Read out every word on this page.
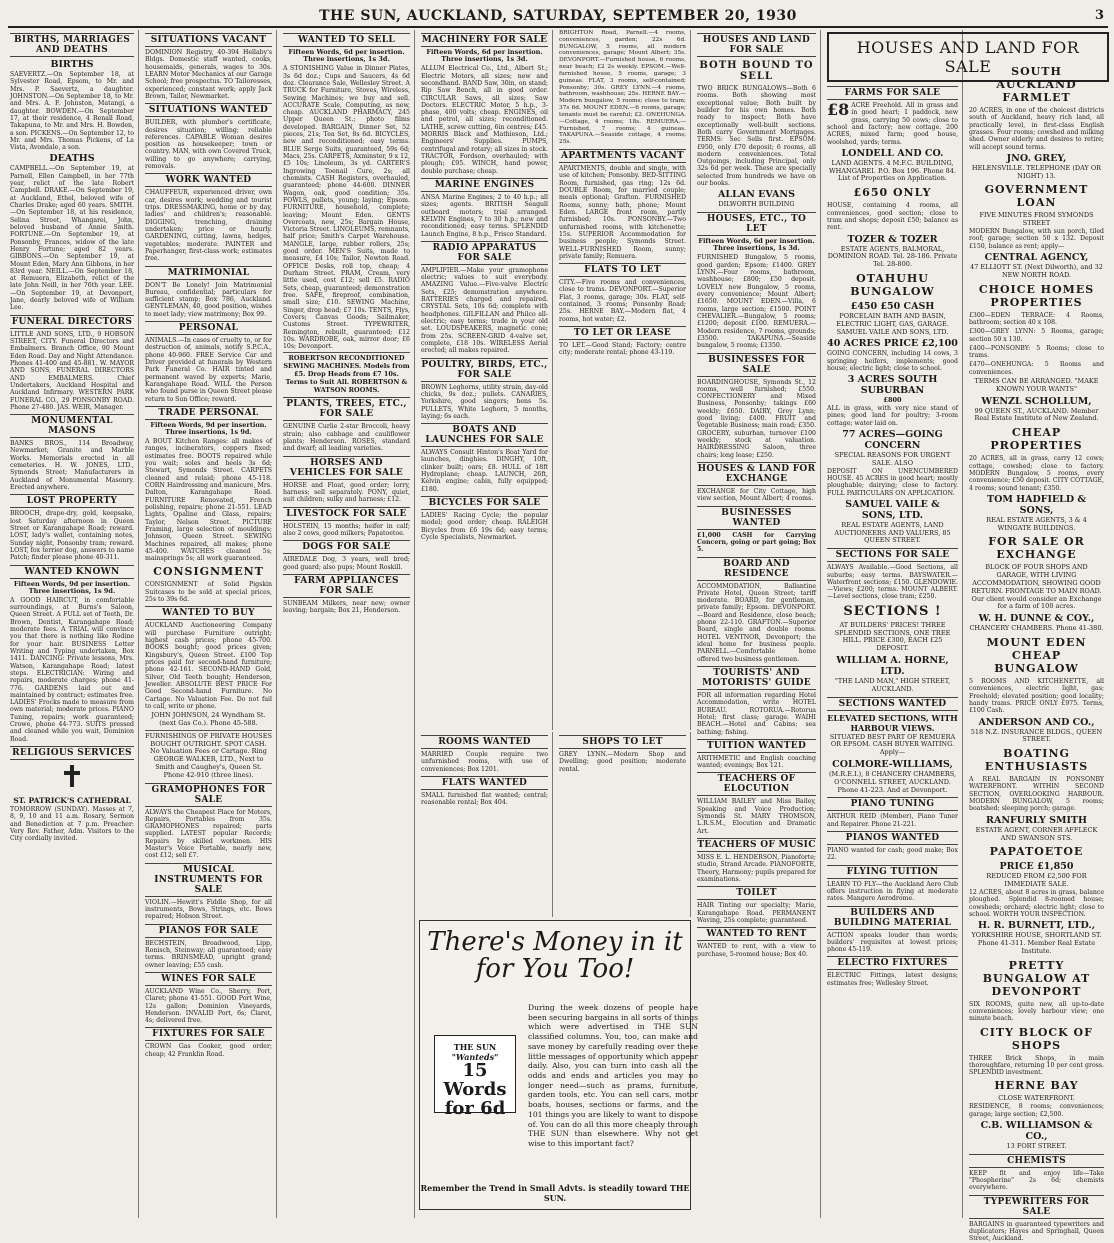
THE SUN, AUCKLAND, SATURDAY, SEPTEMBER 20, 1930	3
BIRTHS, MARRIAGES AND DEATHS
BIRTHS
SAEVERTZ.—On September 18, at Sylvester Road, Epsom, to Mr. and Mrs. P. Saevertz, a daughter. JOHNSTON.—On September 18, to Mr. and Mrs. A. F. Johnston, Matangi, a daughter. BOWDEN.—On September 17, at their residence, 4 Renall Road, Takapuna, to Mr. and Mrs. H. Bowden, a son. PICKENS.—On September 12, to Mr. and Mrs. Thomas Pickens, of La Vista, Avondale, a son.
DEATHS
CAMPBELL.—On September 19, at Parnell, Ellen Campbell, in her 77th year, relict of the late Robert Campbell. DRAKE.—On September 19, at Auckland, Ethel, beloved wife of Charles Drake; aged 60 years. SMITH.—On September 18, at his residence, Selina Street, Whangarei, John, beloved husband of Annie Smith. FORTUNE.—On September 19, at Ponsonby, Frances, widow of the late Henry Fortune; aged 82 years. GIBBONS.—On September 19, at Mount Eden, Mary Ann Gibbons, in her 83rd year. NEILL.—On September 18, at Remuera, Elizabeth, relict of the late John Neill, in her 76th year. LEE.—On September 19, at Devonport, Jane, dearly beloved wife of William Lee.
FUNERAL DIRECTORS
LITTLE AND SONS, LTD., 9 HOBSON STREET, CITY. Funeral Directors and Embalmers. Branch Office, 90 Mount Eden Road. Day and Night Attendance. Phones 41-400 and 45-881. W. MAYOR AND SONS, FUNERAL DIRECTORS AND EMBALMERS. Chief Undertakers, Auckland Hospital and Auckland Infirmary. WESTERN PARK FUNERAL CO., 29 PONSONBY ROAD. Phone 27-480. JAS. WEIR, Manager.
MONUMENTAL MASONS
BANKS BROS., 114 Broadway, Newmarket; Granite and Marble Works. Memorials erected in all cemeteries. H. W. JONES, LTD., Symonds Street; Manufacturers in Auckland of Monumental Masonry. Erected anywhere.
LOST PROPERTY
BROOCH, drape-dry, gold, keepsake, lost Saturday afternoon in Queen Street or Karangahape Road; reward. LOST, lady's wallet, containing notes, Sunday night, Ponsonby tram; reward. LOST, fox terrier dog, answers to name Patch; finder please phone 40-311.
WANTED KNOWN
Fifteen Words, 9d per insertion. Three insertions, 1s 9d.
A GOOD HAIRCUT, in comfortable surroundings, at Burns's Saloon, Queen Street. A FULL set of Teeth, Dr. Brown, Dentist, Karangahape Road; moderate fees. A TRIAL will convince you that there is nothing like Rodine for your hair. BUSINESS Letter Writing and Typing undertaken, Box 1411. DANCING: Private lessons, Mrs. Watson, Karangahape Road; latest steps. ELECTRICIAN: Wiring and repairs, moderate charges; phone 41-776. GARDENS laid out and maintained by contract; estimates free. LADIES' Frocks made to measure from own material; moderate prices. PIANO Tuning, repairs; work guaranteed; Crowe, phone 44-773. SUITS pressed and cleaned while you wait, Dominion Road.
RELIGIOUS SERVICES
ST. PATRICK'S CATHEDRAL
TOMORROW (SUNDAY). Masses at 7, 8, 9, 10 and 11 a.m. Rosary, Sermon and Benediction at 7 p.m. Preacher: Very Rev. Father, Adm. Visitors to the City cordially invited.
SITUATIONS VACANT
DOMINION Registry, 40-394 Hellaby's Bldgs. Domestic staff wanted, cooks, housemaids, generals, wages to 30s. LEARN Motor Mechanics at our Garage School; free prospectus. TO Tailoresses, experienced; constant work; apply Jack Brown, Tailor, Newmarket.
SITUATIONS WANTED
BUILDER, with plumber's certificate, desires situation; willing; reliable references. CAPABLE Woman desires position as housekeeper; town or country. MAN, with own Covered Truck, willing to go anywhere; carrying, removals.
WORK WANTED
CHAUFFEUR, experienced driver, own car, desires work; wedding and tourist trips. DRESSMAKING, home or by day, ladies' and children's; reasonable. DIGGING, trenching, draining undertaken; price or hourly. GARDENING, cutting, lawns, hedges, vegetables; moderate. PAINTER and Paperhanger, first-class work; estimates free.
MATRIMONIAL
DON'T Be Lonely! Join Matrimonial Bureau, confidential; particulars for sufficient stamp; Box 786, Auckland. GENTLEMAN, 40, good position, wishes to meet lady; view matrimony; Box 99.
PERSONAL
ANIMALS.—In cases of cruelty to, or for destruction of, animals, notify S.P.C.A., phone 40-960. FREE Service Car and Driver provided at funerals by Western Park Funeral Co. HAIR tinted and permanent waved by experts; Marie, Karangahape Road. WILL the Person who found purse in Queen Street please return to Sun Office; reward.
TRADE PERSONAL
Fifteen Words, 9d per insertion. Three insertions, 1s 9d.
A BOUT Kitchen Ranges: all makes of ranges, incinerators, coppers fixed; estimates free. BOOTS repaired while you wait; soles and heels 3s 6d; Stewart, Symonds Street. CARPETS cleaned and relaid; phone 45-118. CORN Hairdressing and manicure, Mrs. Dalton, Karangahape Road. FURNITURE Renovated, French polishing, repairs; phone 21-551. LEAD Lights, Opaline and Glass, repairs; Taylor, Nelson Street. PICTURE Framing, large selection of mouldings; Johnson, Queen Street. SEWING Machines repaired, all makes; phone 45-400. WATCHES cleaned 5s; mainsprings 5s; all work guaranteed.
CONSIGNMENT
CONSIGNMENT of Solid Pigskin Suitcases to be sold at special prices, 25s to 39s 6d.
WANTED TO BUY
AUCKLAND Auctioneering Company will purchase Furniture outright; highest cash prices; phone 45-700. BOOKS bought; good prices given; Kingsbury's, Queen Street. £100 Top prices paid for second-hand furniture; phone 42-161. SECOND-HAND Gold, Silver, Old Teeth bought; Henderson, Jeweller. ABSOLUTE BEST PRICE For Good Second-hand Furniture. No Cartage. No Valuation Fee. Do not fail to call, write or phone.
JOHN JOHNSON, 24 Wyndham St. (next Gas Co.). Phone 45-588.
FURNISHINGS OF PRIVATE HOUSES BOUGHT OUTRIGHT. SPOT CASH. No Valuation Fees or Cartage. Ring GEORGE WALKER, LTD., Next to Smith and Caughey's, Queen St. Phone 42-910 (three lines).
GRAMOPHONES FOR SALE
ALWAYS the Cheapest Place for Motors, Repairs, Portables from 35s. GRAMOPHONES repaired; parts supplied. LATEST popular Records; Repairs by skilled workmen. HIS Master's Voice Portable, nearly new, cost £12; sell £7.
MUSICAL INSTRUMENTS FOR SALE
VIOLIN.—Hewitt's Fiddle Shop, for all instruments, Bows, Strings, etc. Bows repaired; Hobson Street.
PIANOS FOR SALE
BECHSTEIN, Broadwood, Lipp, Ronisch, Steinway; all guaranteed; easy terms. BRINSMEAD, upright grand; owner leaving; £55 cash.
WINES FOR SALE
AUCKLAND Wine Co., Sherry, Port, Claret; phone 41-551. GOOD Port Wine, 12s gallon; Dominion Vineyards, Henderson. INVALID Port, 6s; Claret, 4s; delivered free.
FIXTURES FOR SALE
CROWN Gas Cooker, good order; cheap; 42 Franklin Road.
WANTED TO SELL
Fifteen Words, 6d per insertion. Three insertions, 1s 3d.
A STONISHING Value in Dinner Plates, 3s 6d doz.; Cups and Saucers, 4s 6d doz. Clearance Sale, Wellesley Street. A TRUCK for Furniture, Stoves, Wireless, Sewing Machines; we buy and sell. ACCURATE Scale, Computing, as new, cheap. AUCKLAND PHARMACY, 245 Upper Queen St.; photo films developed. BARGAIN, Dinner Set, 52 pieces, 21s; Tea Set, 8s 6d. BICYCLES, new and reconditioned; easy terms. BLUE Serge Suits, guaranteed, 59s 6d; Macs, 25s. CARPETS, Axminster, 9 x 12, £5 10s; Linoleum, 3s yd. CARTER'S Ingrowing Toenail Cure, 2s; all chemists. CASH Registers, overhauled, guaranteed; phone 44-600. DINNER Wagon, oak, good condition; 35s. FOWLS, pullets, young; laying; Epsom. FURNITURE, household, complete; leaving; Mount Eden. GENTS Overcoats, new, 25s; Bargain House, Victoria Street. LINOLEUMS, remnants, half price; Smith's Carpet Warehouse. MANGLE, large, rubber rollers, 25s; good order. MEN'S Suits, made to measure, £4 10s; Tailor, Newton Road. OFFICE Desks, roll top, cheap; 4 Durham Street. PRAM, Cream, very little used, cost £12; sell £5. RADIO Sets, cheap, guaranteed; demonstration free. SAFE, fireproof, combination, small size; £10. SEWING Machine, Singer, drop head; £7 10s. TENTS, Flys, Covers; Canvas Goods; Sailmaker, Customs Street. TYPEWRITER, Remington, rebuilt, guaranteed; £12 10s. WARDROBE, oak, mirror door; £6 10s; Devonport.
ROBERTSON RECONDITIONED SEWING MACHINES. Models from £5. Drop Heads from £7 10s. Terms to Suit All. ROBERTSON & WATSON ROOMS.
PLANTS, TREES, ETC., FOR SALE
GENUINE Curlie 2-star Broccoli, heavy strain; also cabbage and cauliflower plants; Henderson. ROSES, standard and dwarf; all leading varieties.
HORSES AND VEHICLES FOR SALE
HORSE and Float, good order; lorry, harness; sell separately. PONY, quiet, suit children; sulky and harness; £12.
LIVESTOCK FOR SALE
HOLSTEIN, 15 months; heifer in calf; also 2 cows, good milkers; Papatoetoe.
DOGS FOR SALE
AIREDALE Dog, 3 years, well bred; good guard; also pups; Mount Roskill.
FARM APPLIANCES FOR SALE
SUNBEAM Milkers, near new; owner leaving; bargain; Box 21, Henderson.
MACHINERY FOR SALE
Fifteen Words, 6d per insertion. Three insertions, 1s 3d.
ALLUM Electrical Co., Ltd., Albert St.; Electric Motors, all sizes; new and secondhand. BAND Saw, 30in, on stand; Rip Saw Bench, all in good order. CIRCULAR Saws, all sizes; Saw Doctors. ELECTRIC Motor, 5 h.p., 3-phase, 400 volts; cheap. ENGINES, oil and petrol, all sizes; reconditioned. LATHE, screw cutting, 6in centres; £45. MORRIS Black and Mathieson, Ltd.; Engineers' Supplies. PUMPS, centrifugal and rotary; all sizes in stock. TRACTOR, Fordson, overhauled; with plough; £95. WINCH, hand power, double purchase; cheap.
MARINE ENGINES
ANSA Marine Engines; 2 to 40 h.p.; all sizes; agents. BRITISH Seagull outboard motors; trial arranged. KELVIN Engines, 7 to 30 h.p.; new and reconditioned; easy terms. SPLENDID Launch Engine, 8 h.p., Frisco Standard.
RADIO APPARATUS FOR SALE
AMPLIFIER.—Make your gramophone electric; values to suit everybody. AMAZING Value.—Five-valve Electric Sets, £25; demonstration anywhere. BATTERIES charged and repaired. CRYSTAL Sets, 10s 6d; complete with headphones. GILFILLAN and Philco all-electric; easy terms; trade in your old set. LOUDSPEAKERS, magnetic cone; from 25s. SCREEN-GRID 4-valve set, complete, £18 10s. WIRELESS Aerial erected; all makes repaired.
POULTRY, BIRDS, ETC., FOR SALE
BROWN Leghorns, utility strain, day-old chicks, 9s doz.; pullets. CANARIES, Yorkshire, good singers; hens 5s. PULLETS, White Leghorn, 5 months, laying; 6s each.
BOATS AND LAUNCHES FOR SALE
ALWAYS Consult Hinton's Boat Yard for launches, dinghies. DINGHY, 10ft, clinker built; oars; £8. HULL of 18ft Hydroplane; cheap. LAUNCH, 26ft, Kelvin engine; cabin, fully equipped; £180.
BICYCLES FOR SALE
LADIES' Racing Cycle; the popular model; good order; cheap. RALEIGH Bicycles from £6 19s 6d; easy terms; Cycle Specialists, Newmarket.
BRIGHTON Road, Parnell.—4 rooms, conveniences, garden; 22s 6d. BUNGALOW, 5 rooms, all modern conveniences, garage; Mount Albert; 35s. DEVONPORT.—Furnished house, 6 rooms, near beach; £2 2s weekly. EPSOM.—Well-furnished house, 5 rooms, garage; 3 guineas. FLAT, 3 rooms, self-contained; Ponsonby; 30s. GREY LYNN.—4 rooms, bathroom, washhouse; 25s. HERNE BAY.—Modern bungalow, 5 rooms; close to tram; 37s 6d. MOUNT EDEN.—6 rooms, garage; tenants must be careful; £2. ONEHUNGA.—Cottage, 4 rooms; 18s. REMUERA.—Furnished, 7 rooms; 4 guineas. TAKAPUNA.—Seaside cottage, 4 rooms; 25s.
APARTMENTS VACANT
APARTMENTS, double and single, with use of kitchen; Ponsonby. BED-SITTING Room, furnished, gas ring; 12s 6d. DOUBLE Room, for married couple; meals optional; Grafton. FURNISHED Rooms, sunny; bath, phone; Mount Eden. LARGE front room, partly furnished; 10s. PONSONBY.—Two unfurnished rooms, with kitchenette; 15s. SUPERIOR Accommodation for business people; Symonds Street. WELL-FURNISHED Room, sunny; private family; Remuera.
FLATS TO LET
CITY.—Five rooms and conveniences, close to trams. DEVONPORT.—Superior Flat, 3 rooms, garage; 30s. FLAT, self-contained, 3 rooms; Ponsonby Road; 25s. HERNE BAY.—Modern flat, 4 rooms, hot water; £2.
TO LET OR LEASE
TO LET.—Good Stand; Factory; centre city; moderate rental; phone 43-119.
There's Money in it for You Too!
THE SUN
"Wanteds"
15 Words for 6d
During the week dozens of people have been securing bargains in all sorts of things which were advertised in THE SUN classified columns. You, too, can make and save money by carefully reading over these little messages of opportunity which appear daily. Also, you can turn into cash all the odds and ends and articles you may no longer need—such as prams, furniture, garden tools, etc. You can sell cars, motor boats, houses, sections or farms, and the 101 things you are likely to want to dispose of. You can do all this more cheaply through THE SUN than elsewhere. Why not get wise to this important fact?
Remember the Trend in Small Advts. is steadily toward THE SUN.
ROOMS WANTED
MARRIED Couple require two unfurnished rooms, with use of conveniences; Box 1201.
FLATS WANTED
SMALL furnished flat wanted; central; reasonable rental; Box 404.
SHOPS TO LET
GREY LYNN.—Modern Shop and Dwelling; good position; moderate rental.
HOUSES AND LAND FOR SALE
BOTH BOUND TO SELL
TWO BRICK BUNGALOWS—Both 6 rooms. Both showing most exceptional value; Both built by builder for his own homes. Both ready to inspect; Both have exceptionally well-built sections. Both carry Government Mortgages. TERMS: Sec Sells first. EPSOM: £950, only £70 deposit; 6 rooms, all modern conveniences. Total Outgoings, including Principal, only 32s 6d per week. These are specially selected from hundreds we have on our books.
ALLAN EVANS
DILWORTH BUILDING
HOUSES, ETC., TO LET
Fifteen Words, 6d per insertion. Three insertions, 1s 3d.
FURNISHED Bungalow, 5 rooms, good garden; Epsom; £1400. GREY LYNN.—Four rooms, bathroom, washhouse; £800; £50 deposit. LOVELY new Bungalow, 5 rooms, every convenience; Mount Albert; £1650. MOUNT EDEN.—Villa, 6 rooms, large section; £1500. POINT CHEVALIER.—Bungalow, 5 rooms; £1200; deposit £100. REMUERA.—Modern residence, 7 rooms, grounds; £3500. TAKAPUNA.—Seaside bungalow, 5 rooms; £1350.
BUSINESSES FOR SALE
BOARDINGHOUSE, Symonds St., 12 rooms, well furnished; £550. CONFECTIONERY and Mixed Business, Ponsonby; takings £60 weekly; £650. DAIRY, Grey Lynn; good living; £400. FRUIT and Vegetable Business; main road; £350. GROCERY, suburban, turnover £100 weekly; stock at valuation. HAIRDRESSING Saloon, three chairs; long lease; £250.
HOUSES & LAND FOR EXCHANGE
EXCHANGE for City Cottage, high view section, Mount Albert; 4 rooms.
BUSINESSES WANTED
£1,000 CASH for Carrying Concern, going or part going; Box 5.
BOARD AND RESIDENCE
ACCOMMODATION, Ballantine Private Hotel, Queen Street; tariff moderate. BOARD, for gentleman, private family; Epsom. DEVONPORT.—Board and Residence, close beach; phone 22-110. GRAFTON.—Superior Board, single and double rooms. HOTEL VENTNOR, Devonport; the ideal home for business people. PARNELL.—Comfortable home offered two business gentlemen.
TOURISTS' AND MOTORISTS' GUIDE
FOR all information regarding Hotel Accommodation, write HOTEL BUREAU. ROTORUA.—Rotorua Hotel; first class; garage. WAIHI BEACH.—Hotel and Cabins; sea bathing; fishing.
TUITION WANTED
ARITHMETIC and English coaching wanted; evenings; Box 121.
TEACHERS OF ELOCUTION
WILLIAM BAILEY and Miss Bailey, Speaking and Voice Production; Symonds St. MARY THOMSON, L.R.S.M., Elocution and Dramatic Art.
TEACHERS OF MUSIC
MISS E. L. HENDERSON, Pianoforte; studio, Strand Arcade. PIANOFORTE, Theory, Harmony; pupils prepared for examinations.
TOILET
HAIR Tinting our specialty; Marie, Karangahape Road. PERMANENT Waving, 25s complete; guaranteed.
WANTED TO RENT
WANTED to rent, with a view to purchase, 5-roomed house; Box 40.
HOUSES AND LAND FOR SALE
FARMS FOR SALE
£8 ACRE Freehold. All in grass and in good heart; 1 paddock, new grass, carrying 50 cows; close to school and factory; new cottage. 200 ACRES, mixed farm; good house, woolshed, yards; terms.
LONDELL AND CO.
LAND AGENTS. 4 M.F.C. BUILDING, WHANGAREI. P.O. Box 196. Phone 84. List of Properties on Application.
£650 ONLY
HOUSE, containing 4 rooms, all conveniences, good section; close to tram and shops; deposit £50; balance as rent.
TOZER & TOZER
ESTATE AGENTS, BALMORAL, DOMINION ROAD. Tel. 28-186. Private Tel. 28-800.
OTAHUHU BUNGALOW
£450 £50 CASH
PORCELAIN BATH AND BASIN, ELECTRIC LIGHT, GAS, GARAGE. SAMUEL VAILE AND SONS, LTD.
40 ACRES PRICE £2,100
GOING CONCERN, including 14 cows, 3 springing heifers, implements; good house; electric light; close to school.
3 ACRES SOUTH SUBURBAN
£800
ALL in grass, with very nice stand of pines; good land for poultry; 3-room cottage; water laid on.
77 ACRES—GOING CONCERN
SPECIAL REASONS FOR URGENT SALE. ALSO
DEPOSIT ON UNENCUMBERED HOUSE. 45 ACRES in good heart; mostly ploughable; dairying; close to factory. FULL PARTICULARS ON APPLICATION.
SAMUEL VAILE & SONS, LTD.
REAL ESTATE AGENTS, LAND AUCTIONEERS AND VALUERS, 85 QUEEN STREET.
SECTIONS FOR SALE
ALWAYS Available.—Good Sections, all suburbs; easy terms. BAYSWATER.—Waterfront sections; £150. GLENDOWIE.—Views; £200; terms. MOUNT ALBERT.—Level sections, close tram; £250.
SECTIONS !
AT BUILDERS' PRICES! THREE SPLENDID SECTIONS, ONE TREE HILL. PRICE £300, EACH £25 DEPOSIT.
WILLIAM A. HORNE, LTD.
"THE LAND MAN," HIGH STREET, AUCKLAND.
SECTIONS WANTED
ELEVATED SECTIONS, WITH HARBOUR VIEWS.
SITUATED BEST PART OF REMUERA OR EPSOM. CASH BUYER WAITING. Apply—
COLMORE-WILLIAMS,
(M.R.E.I.), 8 CHANCERY CHAMBERS, O'CONNELL STREET, AUCKLAND. Phone 41-223. And at Devonport.
PIANO TUNING
ARTHUR REID (Member), Piano Tuner and Repairer. Phone 21-221.
PIANOS WANTED
PIANO wanted for cash; good make; Box 22.
FLYING TUITION
LEARN TO FLY—the Auckland Aero Club offers instruction in flying at moderate rates. Mangere Aerodrome.
BUILDERS AND BUILDING MATERIAL
ACTION speaks louder than words; builders' requisites at lowest prices; phone 45-119.
ELECTRO FIXTURES
ELECTRIC Fittings, latest designs; estimates free; Wellesley Street.
SOUTH AUCKLAND FARMLET
20 ACRES, in one of the choicest districts south of Auckland, heavy rich land, all practically level, in first-class English grasses. Four rooms; cowshed and milking shed. Owner elderly and desires to retire; will accept sound terms.
JNO. GREY,
HELENSVILLE. TELEPHONE (DAY OR NIGHT) 13.
GOVERNMENT LOAN
FIVE MINUTES FROM SYMONDS STREET
MODERN Bungalow, with sun porch, tiled roof; garage; section 50 x 132. Deposit £150, balance as rent; apply—
CENTRAL AGENCY,
47 ELLIOTT ST. (Next Dilworth), and 32 NEW NORTH ROAD.
CHOICE HOMES PROPERTIES
£300—EDEN TERRACE: 4 Rooms, bathroom; section 40 x 108.
£300—GREY LYNN: 5 Rooms, garage; section 50 x 130.
£400—PONSONBY: 5 Rooms; close to trams.
£470—ONEHUNGA: 5 Rooms and conveniences.
TERMS CAN BE ARRANGED. "MAKE KNOWN YOUR WANTS"
WENZL SCHOLLUM,
99 QUEEN ST., AUCKLAND. Member Real Estate Institute of New Zealand.
CHEAP PROPERTIES
20 ACRES, all in grass, carry 12 cows; cottage, cowshed; close to factory. MODERN Bungalow, 5 rooms, every convenience; £50 deposit. CITY COTTAGE, 4 rooms; sound tenant; £350.
TOM HADFIELD & SONS,
REAL ESTATE AGENTS, 3 & 4 WINGATE BUILDINGS.
FOR SALE OR EXCHANGE
BLOCK OF FOUR SHOPS AND GARAGE, WITH LIVING ACCOMMODATION, SHOWING GOOD RETURN. FRONTAGE TO MAIN ROAD. Our client would consider an Exchange for a farm of 100 acres.
W. H. DUNNE & COY.,
CHANCERY CHAMBERS. Phone 41-380.
MOUNT EDEN CHEAP BUNGALOW
5 ROOMS AND KITCHENETTE, all conveniences, electric light, gas; Freehold; elevated position; good locality; handy trams. PRICE ONLY £975. Terms, £100 Cash.
ANDERSON AND CO.,
518 N.Z. INSURANCE BLDGS., QUEEN STREET.
BOATING ENTHUSIASTS
A REAL BARGAIN IN PONSONBY WATERFRONT. WITHIN SECOND SECTION, OVERLOOKING HARBOUR. MODERN BUNGALOW, 5 rooms; boatshed; sleeping porch; garage.
RANFURLY SMITH
ESTATE AGENT, CORNER AFFLECK AND SWANSON STS.
PAPATOETOE
PRICE £1,850
REDUCED FROM £2,500 FOR IMMEDIATE SALE.
12 ACRES, about 8 acres in grass, balance ploughed. Splendid 8-roomed house; cowsheds; orchard; electric light; close to school. WORTH YOUR INSPECTION.
H. R. BURNETT, LTD.,
YORKSHIRE HOUSE, SHORTLAND ST. Phone 41-311. Member Real Estate Institute.
PRETTY BUNGALOW AT DEVONPORT
SIX ROOMS, quite new, all up-to-date conveniences; lovely harbour view; one minute beach.
CITY BLOCK OF SHOPS
THREE Brick Shops, in main thoroughfare, returning 10 per cent gross. SPLENDID investment.
HERNE BAY
CLOSE WATERFRONT.
RESIDENCE, 8 rooms; conveniences; garage; large section; £2,500.
C.B. WILLIAMSON & CO.,
13 FORT STREET.
CHEMISTS
KEEP fit and enjoy life—Take "Phospherine" 2s 6d; chemists everywhere.
TYPEWRITERS FOR SALE
BARGAINS in guaranteed typewriters and duplicators; Hayes and Springhall, Queen Street, Auckland.
